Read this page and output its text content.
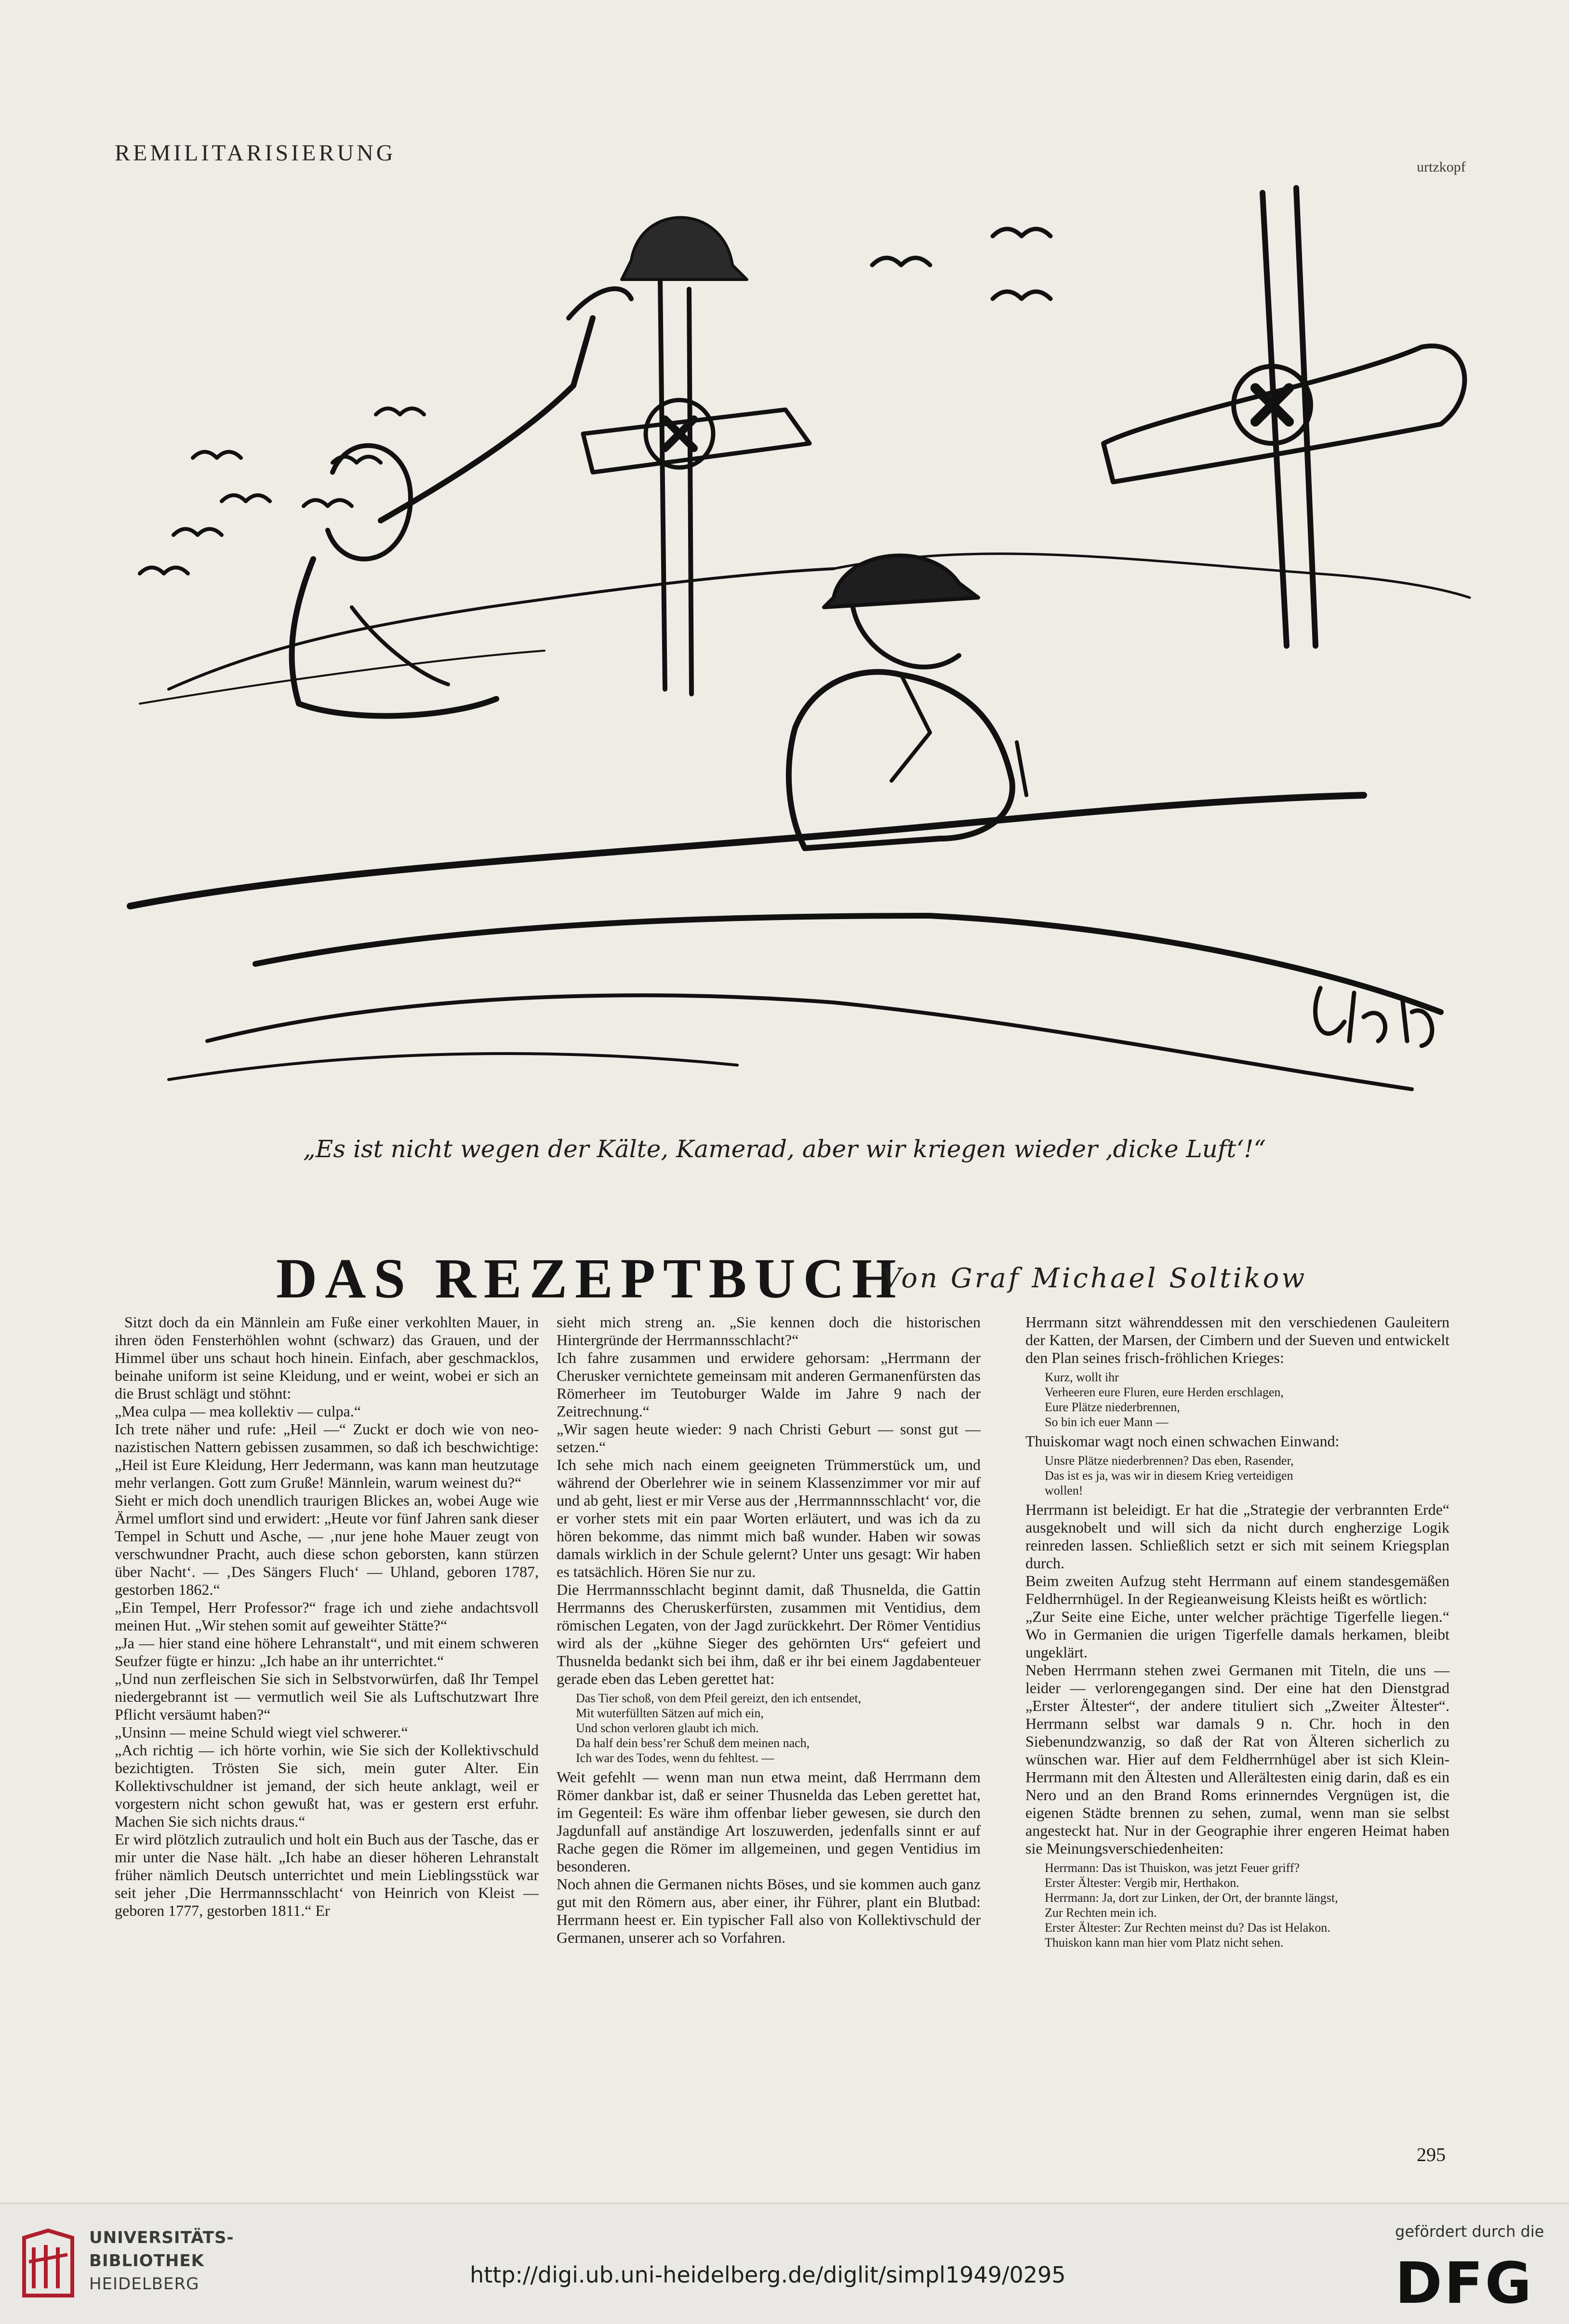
REMILITARISIERUNG
urtzkopf
„Es ist nicht wegen der Kälte, Kamerad, aber wir kriegen wieder ‚dicke Luft‘!“
DAS REZEPTBUCH
Von Graf Michael Soltikow

Sitzt doch da ein Männlein am Fuße einer verkohlten Mauer, in ihren öden Fensterhöhlen wohnt (schwarz) das Grauen, und der Himmel über uns schaut hoch hinein. Einfach, aber geschmacklos, beinahe uniform ist seine Kleidung, und er weint, wobei er sich an die Brust schlägt und stöhnt:

„Mea culpa — mea kollektiv — culpa.“

Ich trete näher und rufe: „Heil —“ Zuckt er doch wie von neo-nazistischen Nattern gebissen zusammen, so daß ich beschwichtige: „Heil ist Eure Kleidung, Herr Jedermann, was kann man heutzutage mehr verlangen. Gott zum Gruße! Männlein, warum weinest du?“

Sieht er mich doch unendlich traurigen Blickes an, wobei Auge wie Ärmel umflort sind und erwidert: „Heute vor fünf Jahren sank dieser Tempel in Schutt und Asche, — ‚nur jene hohe Mauer zeugt von verschwundner Pracht, auch diese schon geborsten, kann stürzen über Nacht‘. — ‚Des Sängers Fluch‘ — Uhland, geboren 1787, gestorben 1862.“

„Ein Tempel, Herr Professor?“ frage ich und ziehe andachtsvoll meinen Hut. „Wir stehen somit auf geweihter Stätte?“

„Ja — hier stand eine höhere Lehranstalt“, und mit einem schweren Seufzer fügte er hinzu: „Ich habe an ihr unterrichtet.“

„Und nun zerfleischen Sie sich in Selbstvorwürfen, daß Ihr Tempel niedergebrannt ist — vermutlich weil Sie als Luftschutzwart Ihre Pflicht versäumt haben?“

„Unsinn — meine Schuld wiegt viel schwerer.“

„Ach richtig — ich hörte vorhin, wie Sie sich der Kollektivschuld bezichtigten. Trösten Sie sich, mein guter Alter. Ein Kollektivschuldner ist jemand, der sich heute anklagt, weil er vorgestern nicht schon gewußt hat, was er gestern erst erfuhr. Machen Sie sich nichts draus.“

Er wird plötzlich zutraulich und holt ein Buch aus der Tasche, das er mir unter die Nase hält. „Ich habe an dieser höheren Lehranstalt früher nämlich Deutsch unterrichtet und mein Lieblingsstück war seit jeher ‚Die Herrmannsschlacht‘ von Heinrich von Kleist — geboren 1777, gestorben 1811.“ Er

sieht mich streng an. „Sie kennen doch die historischen Hintergründe der Herrmannsschlacht?“

Ich fahre zusammen und erwidere gehorsam: „Herrmann der Cherusker vernichtete gemeinsam mit anderen Germanenfürsten das Römerheer im Teutoburger Walde im Jahre 9 nach der Zeitrechnung.“

„Wir sagen heute wieder: 9 nach Christi Geburt — sonst gut — setzen.“

Ich sehe mich nach einem geeigneten Trümmerstück um, und während der Oberlehrer wie in seinem Klassenzimmer vor mir auf und ab geht, liest er mir Verse aus der ‚Herrmannnsschlacht‘ vor, die er vorher stets mit ein paar Worten erläutert, und was ich da zu hören bekomme, das nimmt mich baß wunder. Haben wir sowas damals wirklich in der Schule gelernt? Unter uns gesagt: Wir haben es tatsächlich. Hören Sie nur zu.

Die Herrmannsschlacht beginnt damit, daß Thusnelda, die Gattin Herrmanns des Cheruskerfürsten, zusammen mit Ventidius, dem römischen Legaten, von der Jagd zurückkehrt. Der Römer Ventidius wird als der „kühne Sieger des gehörnten Urs“ gefeiert und Thusnelda bedankt sich bei ihm, daß er ihr bei einem Jagdabenteuer gerade eben das Leben gerettet hat:

Das Tier schoß, von dem Pfeil gereizt, den ich entsendet,
Mit wuterfüllten Sätzen auf mich ein,
Und schon verloren glaubt ich mich.
Da half dein bess’rer Schuß dem meinen nach,
Ich war des Todes, wenn du fehltest. —

Weit gefehlt — wenn man nun etwa meint, daß Herrmann dem Römer dankbar ist, daß er seiner Thusnelda das Leben gerettet hat, im Gegenteil: Es wäre ihm offenbar lieber gewesen, sie durch den Jagdunfall auf anständige Art loszuwerden, jedenfalls sinnt er auf Rache gegen die Römer im allgemeinen, und gegen Ventidius im besonderen.

Noch ahnen die Germanen nichts Böses, und sie kommen auch ganz gut mit den Römern aus, aber einer, ihr Führer, plant ein Blutbad: Herrmann heest er. Ein typischer Fall also von Kollektivschuld der Germanen, unserer ach so Vorfahren.

Herrmann sitzt währenddessen mit den verschiedenen Gauleitern der Katten, der Marsen, der Cimbern und der Sueven und entwickelt den Plan seines frisch-fröhlichen Krieges:

Kurz, wollt ihr
Verheeren eure Fluren, eure Herden erschlagen,
Eure Plätze niederbrennen,
So bin ich euer Mann —

Thuiskomar wagt noch einen schwachen Einwand:

Unsre Plätze niederbrennen? Das eben, Rasender,
Das ist es ja, was wir in diesem Krieg verteidigen
wollen!

Herrmann ist beleidigt. Er hat die „Strategie der verbrannten Erde“ ausgeknobelt und will sich da nicht durch engherzige Logik reinreden lassen. Schließlich setzt er sich mit seinem Kriegsplan durch.

Beim zweiten Aufzug steht Herrmann auf einem standesgemäßen Feldherrnhügel. In der Regieanweisung Kleists heißt es wörtlich:

„Zur Seite eine Eiche, unter welcher prächtige Tigerfelle liegen.“ Wo in Germanien die urigen Tigerfelle damals herkamen, bleibt ungeklärt.

Neben Herrmann stehen zwei Germanen mit Titeln, die uns — leider — verlorengegangen sind. Der eine hat den Dienstgrad „Erster Ältester“, der andere tituliert sich „Zweiter Ältester“. Herrmann selbst war damals 9 n. Chr. hoch in den Siebenundzwanzig, so daß der Rat von Älteren sicherlich zu wünschen war. Hier auf dem Feldherrnhügel aber ist sich Klein-Herrmann mit den Ältesten und Allerältesten einig darin, daß es ein Nero und an den Brand Roms erinnerndes Vergnügen ist, die eigenen Städte brennen zu sehen, zumal, wenn man sie selbst angesteckt hat. Nur in der Geographie ihrer engeren Heimat haben sie Meinungsverschiedenheiten:

Herrmann: Das ist Thuiskon, was jetzt Feuer griff?
Erster Ältester: Vergib mir, Herthakon.
Herrmann: Ja, dort zur Linken, der Ort, der brannte längst,
Zur Rechten mein ich.
Erster Ältester: Zur Rechten meinst du? Das ist Helakon.
Thuiskon kann man hier vom Platz nicht sehen.
295
UNIVERSITÄTS-
BIBLIOTHEK
HEIDELBERG	http://digi.ub.uni-heidelberg.de/diglit/simpl1949/0295
gefördert durch die
DFG
